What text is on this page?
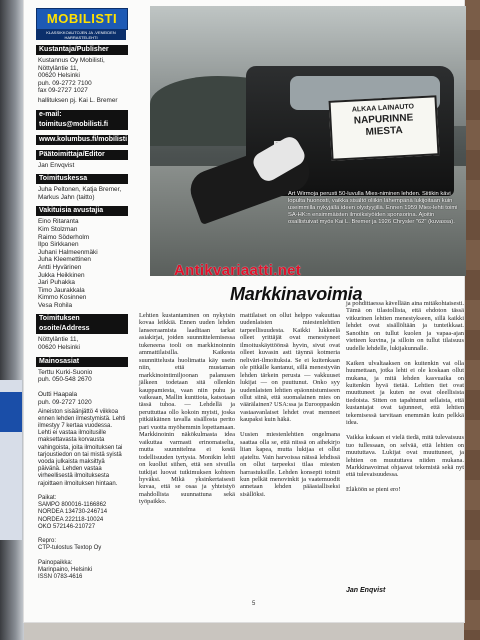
MOBILISTI
KLASSIKKOAUTOJEN JA -VENEIDEN HARRASTELEHTI
Kustantaja/Publisher
Kustannus Oy Mobilisti,
Nöttyläntie 11,
00620 Helsinki
puh. 09-2772 7100
fax 09-2727 1027
hallituksen pj. Kai L. Bremer
e-mail: toimitus@mobilisti.fi
www.kolumbus.fi/mobilisti
Päätoimittaja/Editor
Jan Envqvist
Toimituskessa
Juha Peltonen, Katja Bremer,
Markus Jahn (taitto)
Vakituisia avustajia
Eino Ritaranta
Kim Stolzman
Raimo Söderholm
Ilpo Sirkkanen
Juhani Halmeenmäki
Juha Kleemettinen
Antti Hyvärinen
Jukka Heikkinen
Jari Puhakka
Timo Jaurakkala
Kimmo Kosinnen
Vesa Rohila
Toimituksen osoite/Address
Nöttyläntie 11,
00620 Helsinki
Mainosasiat
Terttu Kurki-Suonio
puh. 050-548 2670

Outti Haapala
puh. 09-2727 1020
Aineiston sisäänjättö 4 viikkoa ennen lehden ilmestymistä. Lehti ilmestyy 7 kertaa vuodessa. Lehti ei vastaa ilmoitusille maksettavasta korvausta vahingoista, joita ilmoituksen tai tarjoustiedon on tai mistä syistä vooda julkaista maksittyä päivänä. Lehden vastaa virheellisestä ilmoituksesta rajoittaen ilmoituksen hintaan.

Paikat:
SAMPO 800016-1166862
NORDEA 134730-246714
NORDEA 222118-10024
OKO 572146-210727

Repro:
CTP-tulostus Textop Oy

Painopaikka:
Marinpaino, Helsinki
ISSN 0783-4616
ALKAA LAINAUTO
NAPURINNE
MIESTA
Art Wirmoja perusti 50-luvulla Mies-niminen lehden. Siitikin kävi lopulta huonosti, vaikka sisältö oliikin lähempänä lukijoitaan kuin useimmilla nykyjällä ideen olystyyjillä. Ennen 1959 Mies-lehti toimi SA-HK:n ensimmäisten ilmoiksiyöiden sponsorina. Ajoitin osallistuivat myös Kai L. Bremer ja 1926 Chrysler "62" (kuvassa).
Antikvariaatti.net
Markkinavoimia
Lehtien kustantaminen on nykyisin kovaa leikkiä. Ennen uuden lehden lanseeraamista laaditaan tarkat asiakirjat, joiden suunnittelemisessa tukeneena tooli on markkinoinnin ammattilaisilla. Kaikesta suunnittelusta huolimatta käy usein niin, että mustaman markkinointimiljoonan palanusen jälkeen todetaan sitä ollenkin kauppamiesta, vaan niin puhu ja vaikeaan, Mallin kunttiota, katsotaan tässä tuhoa. — Lehdellä ja peruttuttaa ollo kokoin myisti, joska pitkäikäinen tavalla sisällosta perito pari vuotta myöhemmin lopettamaan. Markkinoinin näkökulmasta idea vaikuttaa varmasti erinomaiselta, mutta suunnitelma ei kestä todellisuuden tyrtysia. Monikin lehti on kuollut siihen, että sen sivuilla tutkijat luovat tutkimuksen kohteen hyväksi. Mikä yksinkertaisesti kuvaa, että se osaa ja yhteistyö mahdollista suunnattuna sekä työpaikko.
mattilaiset on ollut helppo vakuuttaa uudenlaisten miestenlehtien tarpeellisuudesta. Kaikki lukkeelä olleet yrittäjät ovat menestyneet ilmoituskäyttöönsä hyvin, sivut ovat olleet kuvasin asti täynnä kotmeria neliväri-ilmoituksia. Se ei kuitenkaan ole pitkälle kantanut, sillä menestyvän lehden tärkein perusta — vakkuuset lukijat — on puuttunut. Onko syy uudenlaisten lehtien epäonnistumiseen ollut siinä, että suomalainen mies on väärälainen? USA:ssa ja Eurooppaskin vastaavanlaiset lehdet ovat menneet kaupaksi kuin häkä.

Uusien miestenlehtien ongelmana saattaa olla se, että niissä on aihekirjo liian kapea, mutta lukijaa ei ollut ajateltu. Vain harvoissa näissä lehdissä on ollut tarpeeksi tilaa miesten harrastuksille. Lehden konsepti toimii kun pelkät menovinkit ja vaatemuodit annetaan lehden pääasialliseksi sisällöksi.
ja pohdittaessa kävellään aina mitäkohtaisesti. Tämä on tilastollista, että ehdoton tässä vitkurinen lehtien menestykseen, sillä kaikki lehdet ovat sisällöltään ja tunteikkaat. Sanoihin on tullut kuolen ja vapaa-ajan vietteen kuvina, ja silloin on tullut tilaisuus uudelle lehdelle, lukijakunnalle.

Kaiken ulvaltaaksen on kuitenkin vai olla huumettaan, jotka lehti ei ole koskaan ollut mukana, ja mitä lehden kasvuaika on kuitenkin hyvä tietää. Lehtien tiet ovat muuttuneet ja kuten ne ovat oleellisista tiedoista. Sitten on tapahtunut sellaista, että kustantajat ovat tajunneet, että lehtien tekemisessä tarvitaan enemmän kuin pelkkä idea.

Vaikka kukaan ei vielä tiedä, mitä tulevaisuus tuo tullessaan, on selvää, että lehtien on muututtava. Lukijat ovat muuttuneet, ja lehtien on muututtava niiden mukana. Markkinavoimat ohjaavat tekemistä sekä nyt että tulevaisuudessa.

Eläköön se pieni ero!
Jan Enqvist
5
